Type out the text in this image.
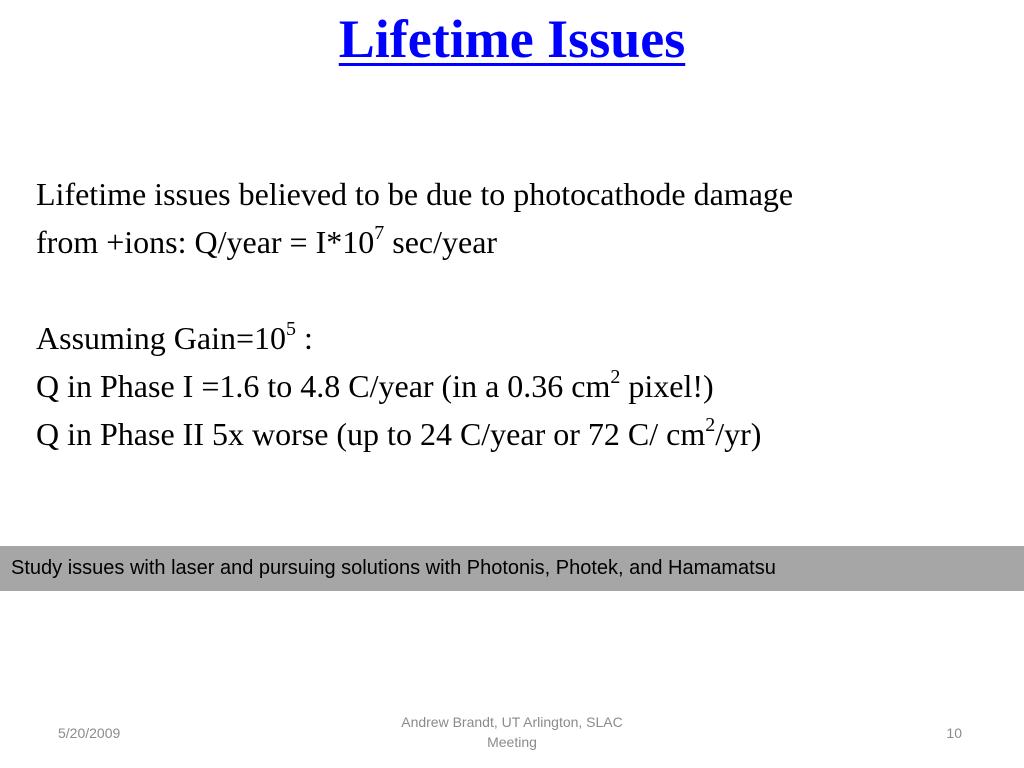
Lifetime Issues

Lifetime issues believed to be due to photocathode damage

from +ions: Q/year = $I*10^7$ sec/year

Assuming $Gain=10^5$ :

Q in Phase I =1.6 to 4.8 C/year (in a 0.36 $cm^2$ pixel!)

Q in Phase II 5x worse (up to 24 C/year or 72 C/ $cm^2/yr$)

Study issues with laser and pursuing solutions with Photonis, Photek, and Hamamatsu
5/20/2009
Andrew Brandt, UT Arlington, SLAC
Meeting
10
